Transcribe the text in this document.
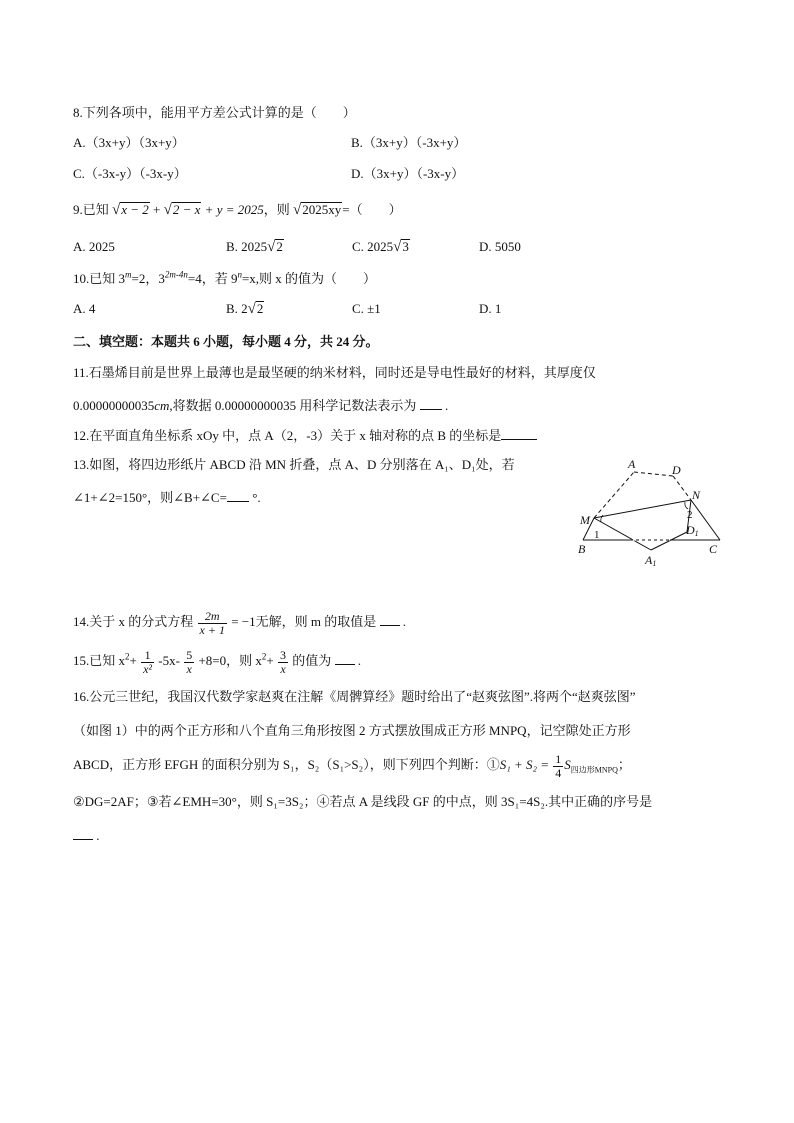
8.下列各项中，能用平方差公式计算的是（　　）
A.（3x+y）（3x+y）	B.（3x+y）（-3x+y）
C.（-3x-y）（-3x-y）	D.（3x+y）（-3x-y）
9.已知 √x − 2 + √2 − x + y = 2025，则 √2025xy=（　　）
A. 2025	B. 2025√2	C. 2025√3	D. 5050
10.已知 $3^m=2$，$3^{2m-4n}=4$，若 $9^n=x$,则 x 的值为（　　）
A. 4	B. 2√2	C. ±1	D. 1
二、填空题：本题共 6 小题，每小题 4 分，共 24 分。
11.石墨烯目前是世界上最薄也是最坚硬的纳米材料，同时还是导电性最好的材料，其厚度仅
0.00000000035cm,将数据 0.00000000035 用科学记数法表示为 .
12.在平面直角坐标系 xOy 中，点 A（2，-3）关于 x 轴对称的点 B 的坐标是
13.如图，将四边形纸片 ABCD 沿 MN 折叠，点 A、D 分别落在 A₁、D₁处，若
∠1+∠2=150°，则∠B+∠C= °.
A	D
N
M
B	C
A1
D1
1
2
14.关于 x 的分式方程 $\frac{2m}{x + 1} = -1$无解，则 m 的取值是 .
15.已知 $x^2+ \frac{1}{\text{x²}} -5x- \frac{5}{x} +8=0$，则 $x^2+ \frac{3}{x}$ 的值为 .
16.公元三世纪，我国汉代数学家赵爽在注解《周髀算经》题时给出了“赵爽弦图”.将两个“赵爽弦图”
（如图 1）中的两个正方形和八个直角三角形按图 2 方式摆放围成正方形 MNPQ，记空隙处正方形
ABCD，正方形 EFGH 的面积分别为 S₁，S₂（S₁>S₂），则下列四个判断：①S₁ + $S_2 = \frac{1}{4} S_{四边形MNPQ}$；
②DG=2AF；③若∠EMH=30°，则 S₁=3S₂；④若点 A 是线段 GF 的中点，则 3S₁=4S₂.其中正确的序号是
.
